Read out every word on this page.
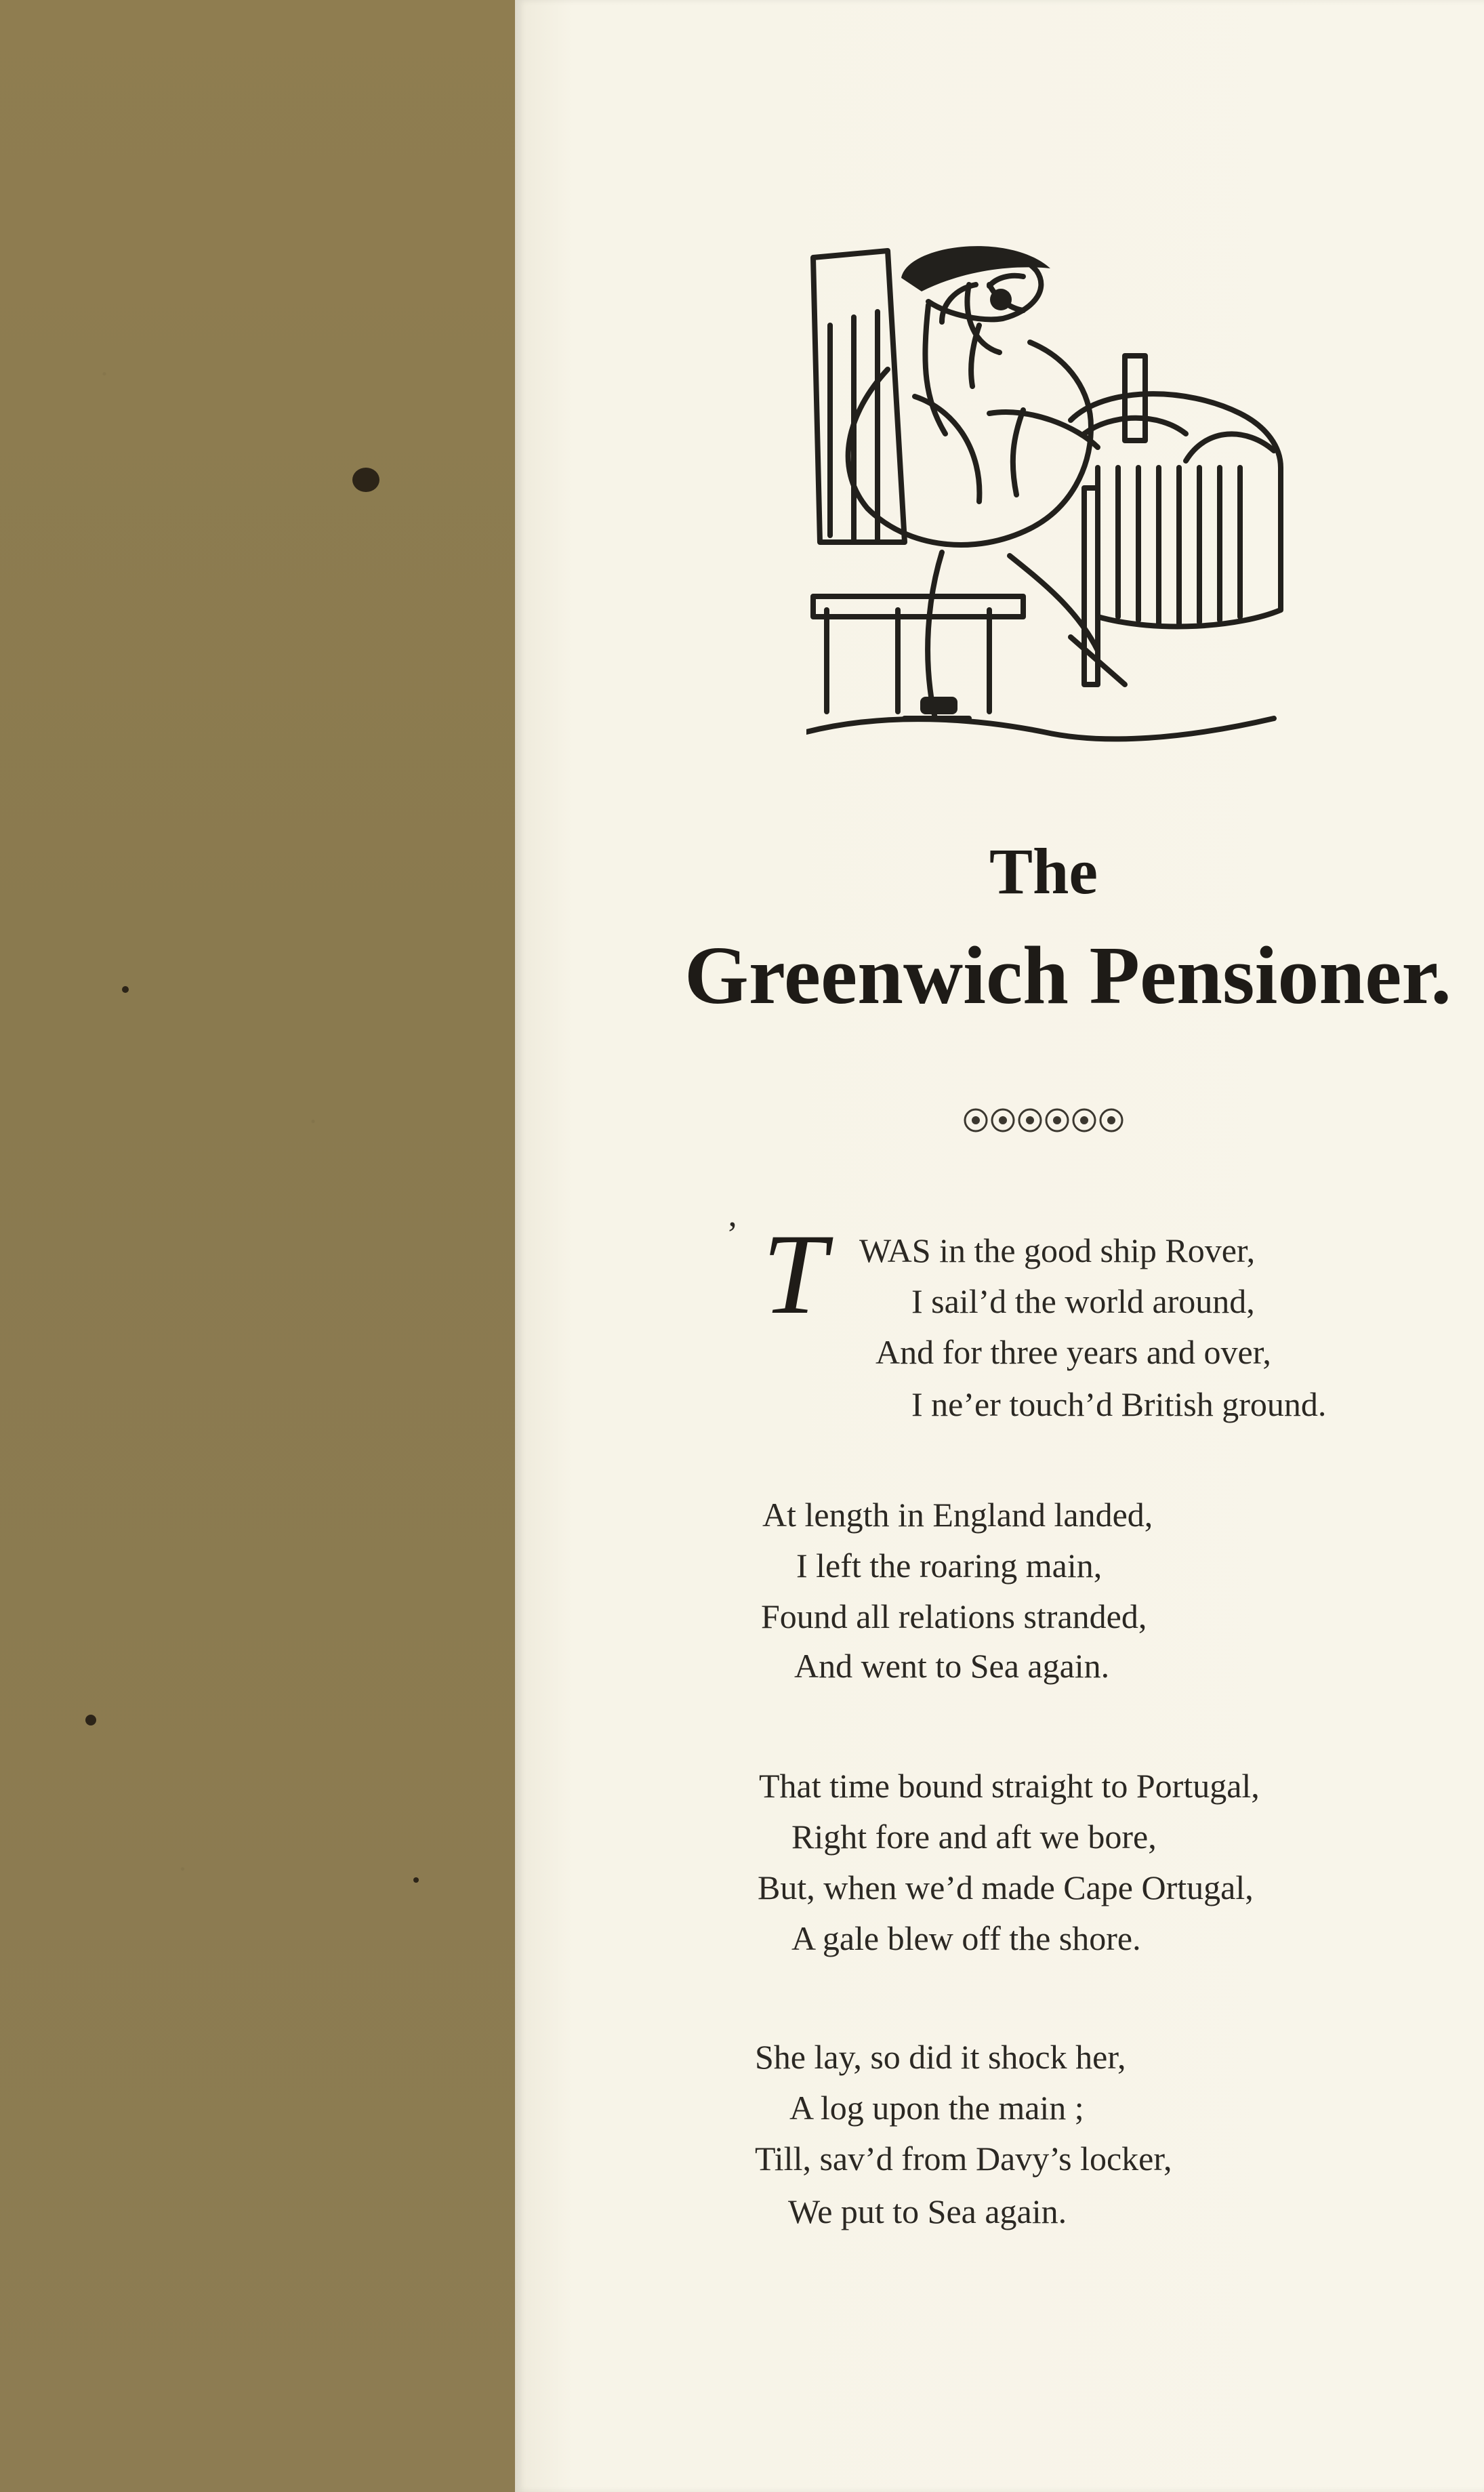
The
Greenwich Pensioner.
’ T WAS in the good ship Rover,
I sail’d the world around,
And for three years and over,
I ne’er touch’d British ground.
At length in England landed,
I left the roaring main,
Found all relations stranded,
And went to Sea again.
That time bound straight to Portugal,
Right fore and aft we bore,
But, when we’d made Cape Ortugal,
A gale blew off the shore.
She lay, so did it shock her,
A log upon the main ;
Till, sav’d from Davy’s locker,
We put to Sea again.
